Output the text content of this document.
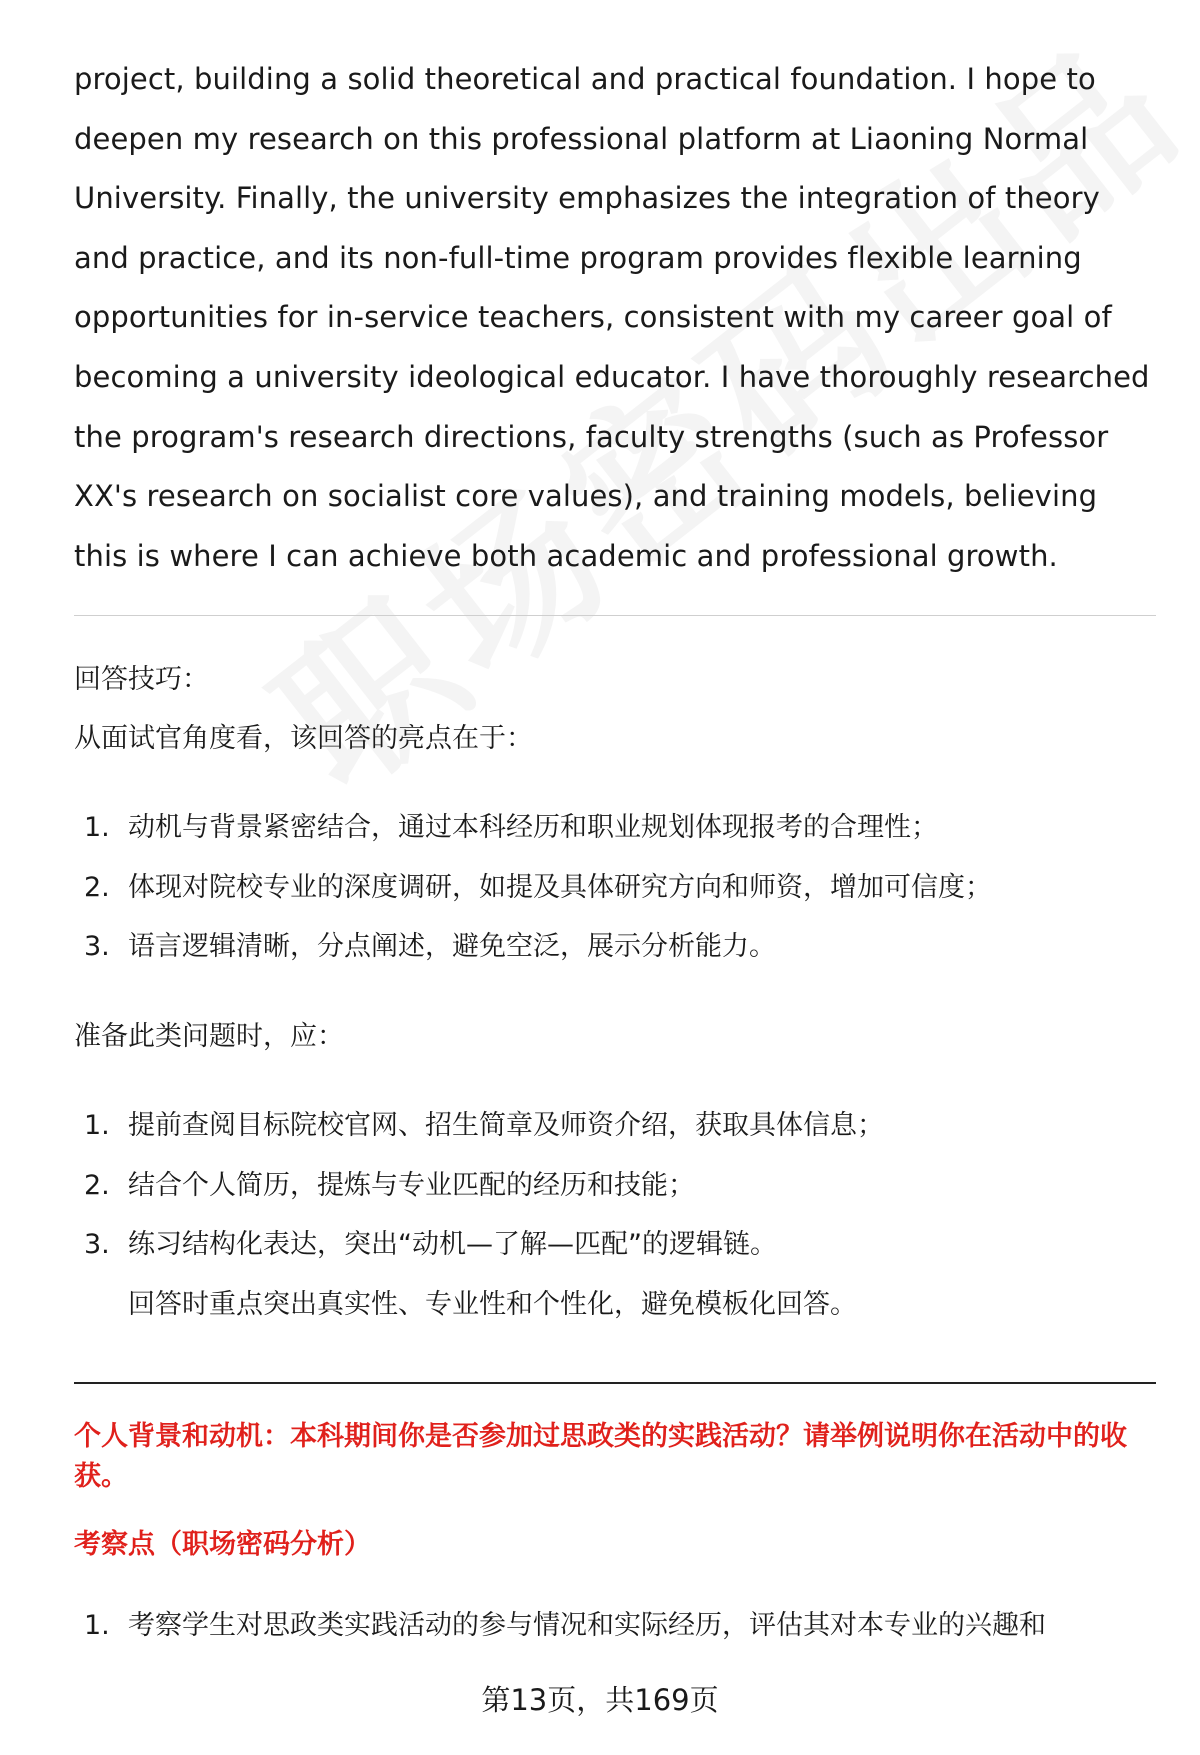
project, building a solid theoretical and practical foundation. I hope to deepen my research on this professional platform at Liaoning Normal University. Finally, the university emphasizes the integration of theory and practice, and its non-full-time program provides flexible learning opportunities for in-service teachers, consistent with my career goal of becoming a university ideological educator. I have thoroughly researched the program's research directions, faculty strengths (such as Professor XX's research on socialist core values), and training models, believing this is where I can achieve both academic and professional growth.

回答技巧：

从面试官角度看，该回答的亮点在于：

1. 动机与背景紧密结合，通过本科经历和职业规划体现报考的合理性；
2. 体现对院校专业的深度调研，如提及具体研究方向和师资，增加可信度；
3. 语言逻辑清晰，分点阐述，避免空泛，展示分析能力。

准备此类问题时，应：

1. 提前查阅目标院校官网、招生简章及师资介绍，获取具体信息；
2. 结合个人简历，提炼与专业匹配的经历和技能；
3. 练习结构化表达，突出“动机—了解—匹配”的逻辑链。
回答时重点突出真实性、专业性和个性化，避免模板化回答。

个人背景和动机：本科期间你是否参加过思政类的实践活动？请举例说明你在活动中的收获。

考察点（职场密码分析）

1. 考察学生对思政类实践活动的参与情况和实际经历，评估其对本专业的兴趣和
第13页，共169页
